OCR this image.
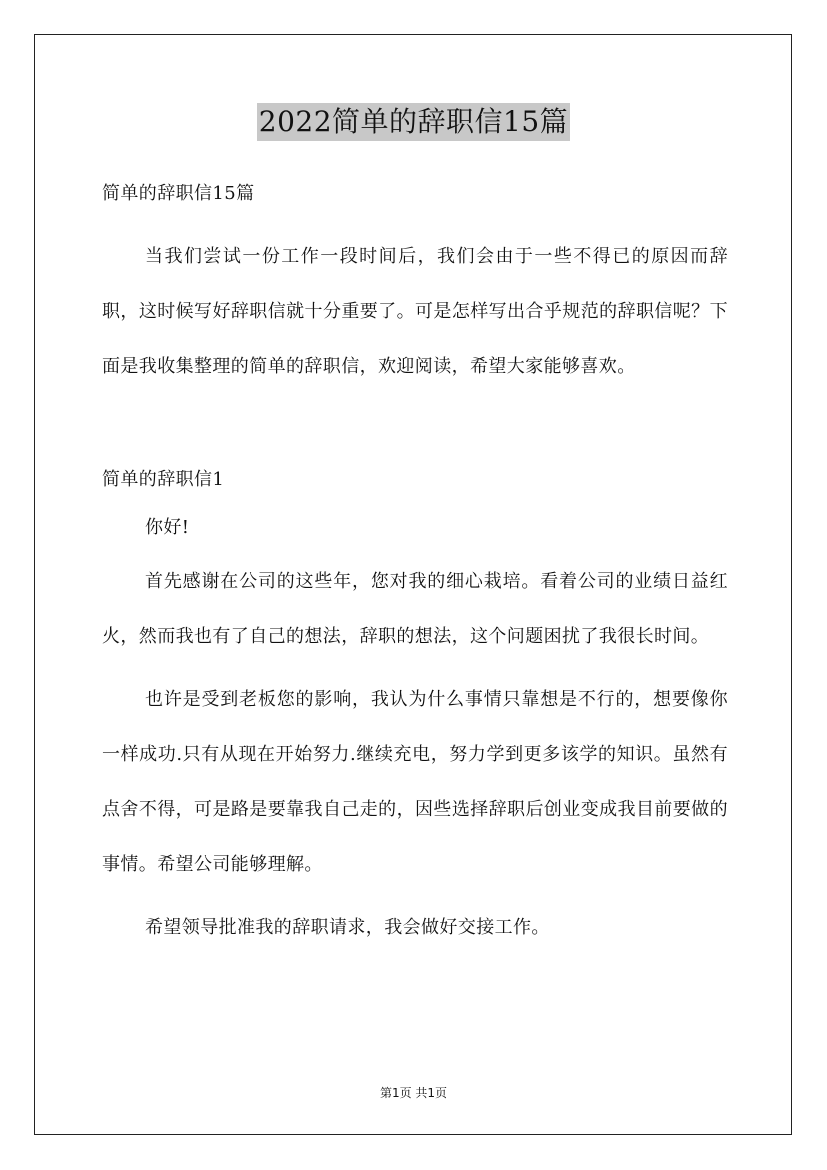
2022简单的辞职信15篇

简单的辞职信15篇

当我们尝试一份工作一段时间后，我们会由于一些不得已的原因而辞职，这时候写好辞职信就十分重要了。可是怎样写出合乎规范的辞职信呢？下面是我收集整理的简单的辞职信，欢迎阅读，希望大家能够喜欢。

简单的辞职信1

你好!

首先感谢在公司的这些年，您对我的细心栽培。看着公司的业绩日益红火，然而我也有了自己的想法，辞职的想法，这个问题困扰了我很长时间。

也许是受到老板您的影响，我认为什么事情只靠想是不行的，想要像你一样成功.只有从现在开始努力.继续充电，努力学到更多该学的知识。虽然有点舍不得，可是路是要靠我自己走的，因些选择辞职后创业变成我目前要做的事情。希望公司能够理解。

希望领导批准我的辞职请求，我会做好交接工作。

第1页 共1页
